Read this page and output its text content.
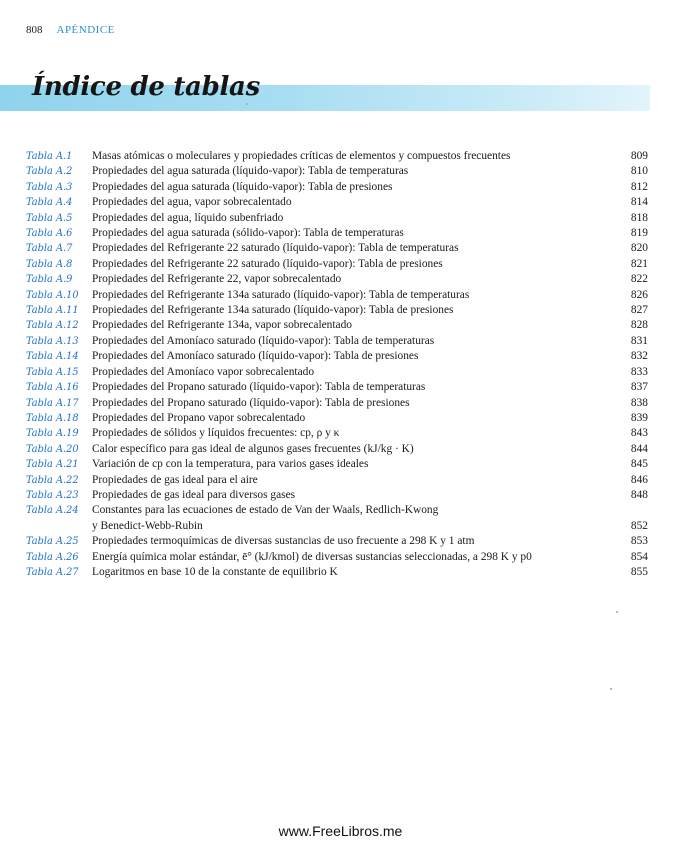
808 APÉNDICE
Índice de tablas
Tabla A.1	Masas atómicas o moleculares y propiedades críticas de elementos y compuestos frecuentes	809
Tabla A.2	Propiedades del agua saturada (líquido-vapor): Tabla de temperaturas	810
Tabla A.3	Propiedades del agua saturada (líquido-vapor): Tabla de presiones	812
Tabla A.4	Propiedades del agua, vapor sobrecalentado	814
Tabla A.5	Propiedades del agua, líquido subenfriado	818
Tabla A.6	Propiedades del agua saturada (sólido-vapor): Tabla de temperaturas	819
Tabla A.7	Propiedades del Refrigerante 22 saturado (líquido-vapor): Tabla de temperaturas	820
Tabla A.8	Propiedades del Refrigerante 22 saturado (líquido-vapor): Tabla de presiones	821
Tabla A.9	Propiedades del Refrigerante 22, vapor sobrecalentado	822
Tabla A.10	Propiedades del Refrigerante 134a saturado (líquido-vapor): Tabla de temperaturas	826
Tabla A.11	Propiedades del Refrigerante 134a saturado (líquido-vapor): Tabla de presiones	827
Tabla A.12	Propiedades del Refrigerante 134a, vapor sobrecalentado	828
Tabla A.13	Propiedades del Amoníaco saturado (líquido-vapor): Tabla de temperaturas	831
Tabla A.14	Propiedades del Amoníaco saturado (líquido-vapor): Tabla de presiones	832
Tabla A.15	Propiedades del Amoníaco vapor sobrecalentado	833
Tabla A.16	Propiedades del Propano saturado (líquido-vapor): Tabla de temperaturas	837
Tabla A.17	Propiedades del Propano saturado (líquido-vapor): Tabla de presiones	838
Tabla A.18	Propiedades del Propano vapor sobrecalentado	839
Tabla A.19	Propiedades de sólidos y líquidos frecuentes: cp, ρ y κ	843
Tabla A.20	Calor específico para gas ideal de algunos gases frecuentes (kJ/kg · K)	844
Tabla A.21	Variación de cp con la temperatura, para varios gases ideales	845
Tabla A.22	Propiedades de gas ideal para el aire	846
Tabla A.23	Propiedades de gas ideal para diversos gases	848
Tabla A.24	Constantes para las ecuaciones de estado de Van der Waals, Redlich-Kwong
y Benedict-Webb-Rubin	852
Tabla A.25	Propiedades termoquímicas de diversas sustancias de uso frecuente a 298 K y 1 atm	853
Tabla A.26	Energía química molar estándar, ē° (kJ/kmol) de diversas sustancias seleccionadas, a 298 K y p0	854
Tabla A.27	Logaritmos en base 10 de la constante de equilibrio K	855
www.FreeLibros.me
